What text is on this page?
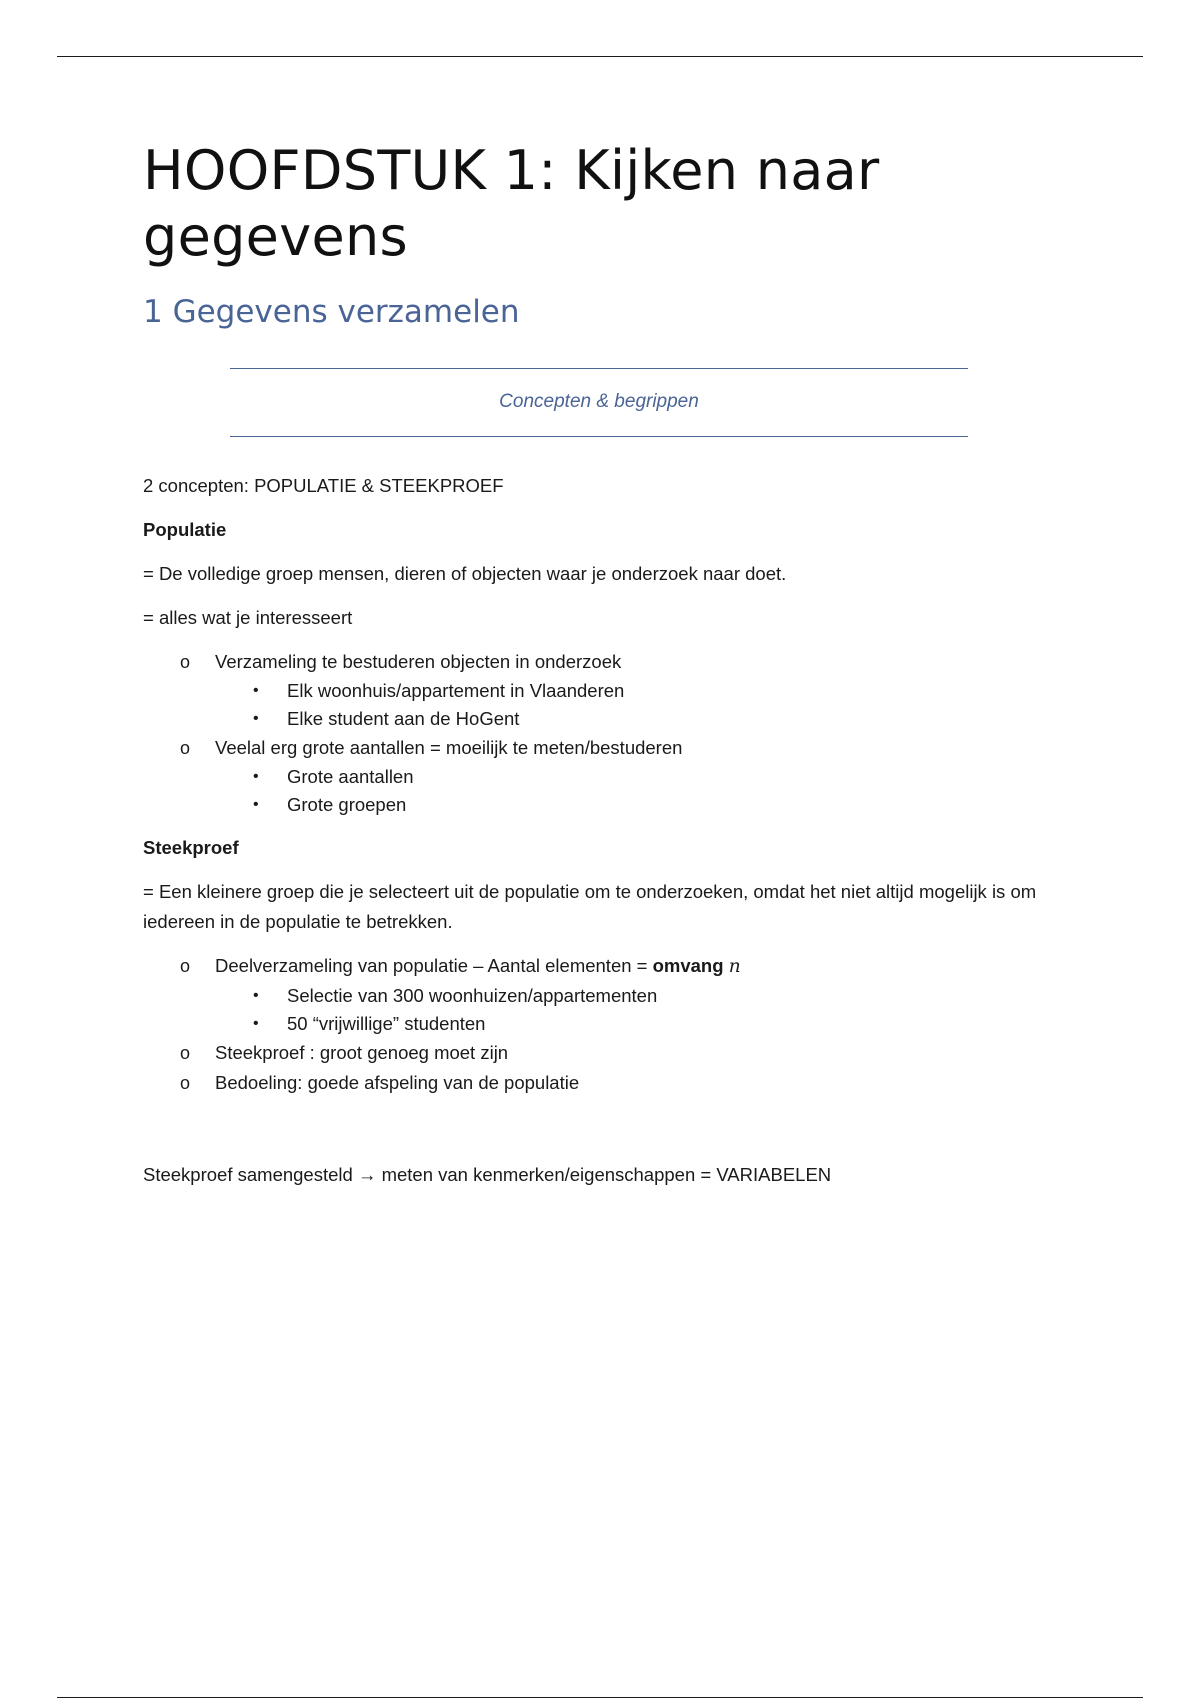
HOOFDSTUK 1: Kijken naar gegevens
1 Gegevens verzamelen
Concepten & begrippen

2 concepten: POPULATIE & STEEKPROEF

Populatie

= De volledige groep mensen, dieren of objecten waar je onderzoek naar doet.

= alles wat je interesseert

o Verzameling te bestuderen objecten in onderzoek
• Elk woonhuis/appartement in Vlaanderen
• Elke student aan de HoGent
o Veelal erg grote aantallen = moeilijk te meten/bestuderen
• Grote aantallen
• Grote groepen
Steekproef

= Een kleinere groep die je selecteert uit de populatie om te onderzoeken, omdat het niet altijd mogelijk is om iedereen in de populatie te betrekken.

o Deelverzameling van populatie – Aantal elementen = omvang n
• Selectie van 300 woonhuizen/appartementen
• 50 “vrijwillige” studenten
o Steekproef : groot genoeg moet zijn
o Bedoeling: goede afspeling van de populatie

Steekproef samengesteld → meten van kenmerken/eigenschappen = VARIABELEN
